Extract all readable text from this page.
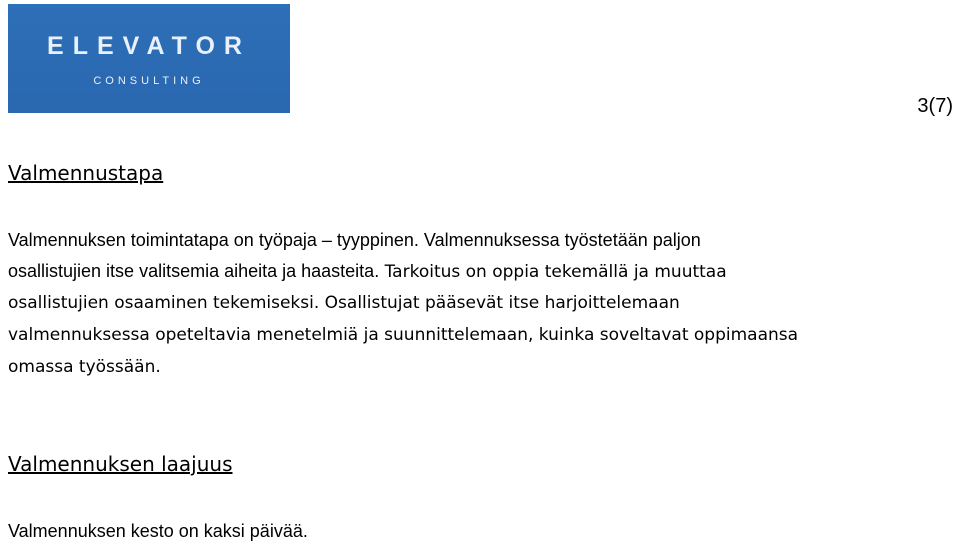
ELEVATOR
CONSULTING
3(7)
Valmennustapa
Valmennuksen toimintatapa on työpaja – tyyppinen. Valmennuksessa työstetään paljon
osallistujien itse valitsemia aiheita ja haasteita. Tarkoitus on oppia tekemällä ja muuttaa
osallistujien osaaminen tekemiseksi. Osallistujat pääsevät itse harjoittelemaan
valmennuksessa opeteltavia menetelmiä ja suunnittelemaan, kuinka soveltavat oppimaansa
omassa työssään.
Valmennuksen laajuus
Valmennuksen kesto on kaksi päivää.
